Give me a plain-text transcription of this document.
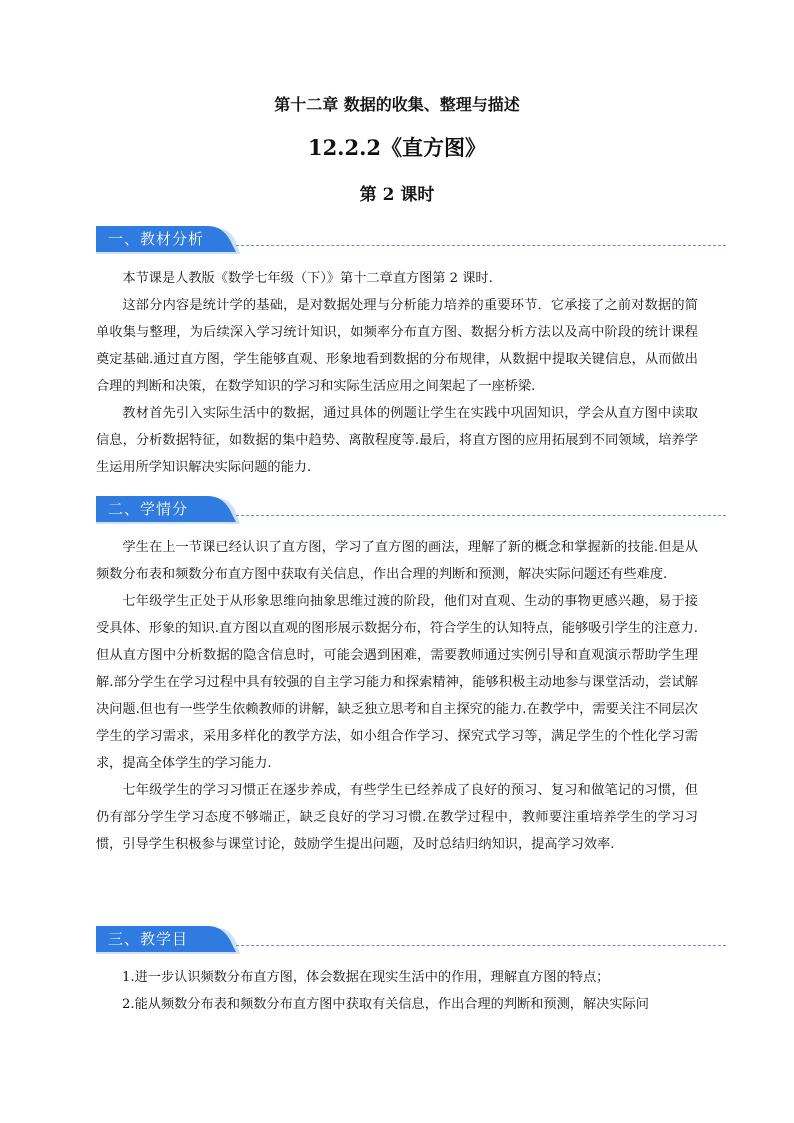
第十二章 数据的收集、整理与描述
12.2.2《直方图》
第 2 课时
一、教材分析

本节课是人教版《数学七年级（下）》第十二章直方图第 2 课时.

这部分内容是统计学的基础，是对数据处理与分析能力培养的重要环节．它承接了之前对数据的简单收集与整理，为后续深入学习统计知识，如频率分布直方图、数据分析方法以及高中阶段的统计课程奠定基础.通过直方图，学生能够直观、形象地看到数据的分布规律，从数据中提取关键信息，从而做出合理的判断和决策，在数学知识的学习和实际生活应用之间架起了一座桥梁.

教材首先引入实际生活中的数据，通过具体的例题让学生在实践中巩固知识，学会从直方图中读取信息，分析数据特征，如数据的集中趋势、离散程度等.最后，将直方图的应用拓展到不同领域，培养学生运用所学知识解决实际问题的能力.

二、学情分

学生在上一节课已经认识了直方图，学习了直方图的画法，理解了新的概念和掌握新的技能.但是从频数分布表和频数分布直方图中获取有关信息，作出合理的判断和预测，解决实际问题还有些难度.

七年级学生正处于从形象思维向抽象思维过渡的阶段，他们对直观、生动的事物更感兴趣，易于接受具体、形象的知识.直方图以直观的图形展示数据分布，符合学生的认知特点，能够吸引学生的注意力.但从直方图中分析数据的隐含信息时，可能会遇到困难，需要教师通过实例引导和直观演示帮助学生理解.部分学生在学习过程中具有较强的自主学习能力和探索精神，能够积极主动地参与课堂活动，尝试解决问题.但也有一些学生依赖教师的讲解，缺乏独立思考和自主探究的能力.在教学中，需要关注不同层次学生的学习需求，采用多样化的教学方法，如小组合作学习、探究式学习等，满足学生的个性化学习需求，提高全体学生的学习能力.

七年级学生的学习习惯正在逐步养成，有些学生已经养成了良好的预习、复习和做笔记的习惯，但仍有部分学生学习态度不够端正，缺乏良好的学习习惯.在教学过程中，教师要注重培养学生的学习习惯，引导学生积极参与课堂讨论，鼓励学生提出问题，及时总结归纳知识，提高学习效率.

三、教学目

1.进一步认识频数分布直方图，体会数据在现实生活中的作用，理解直方图的特点；

2.能从频数分布表和频数分布直方图中获取有关信息，作出合理的判断和预测，解决实际问
